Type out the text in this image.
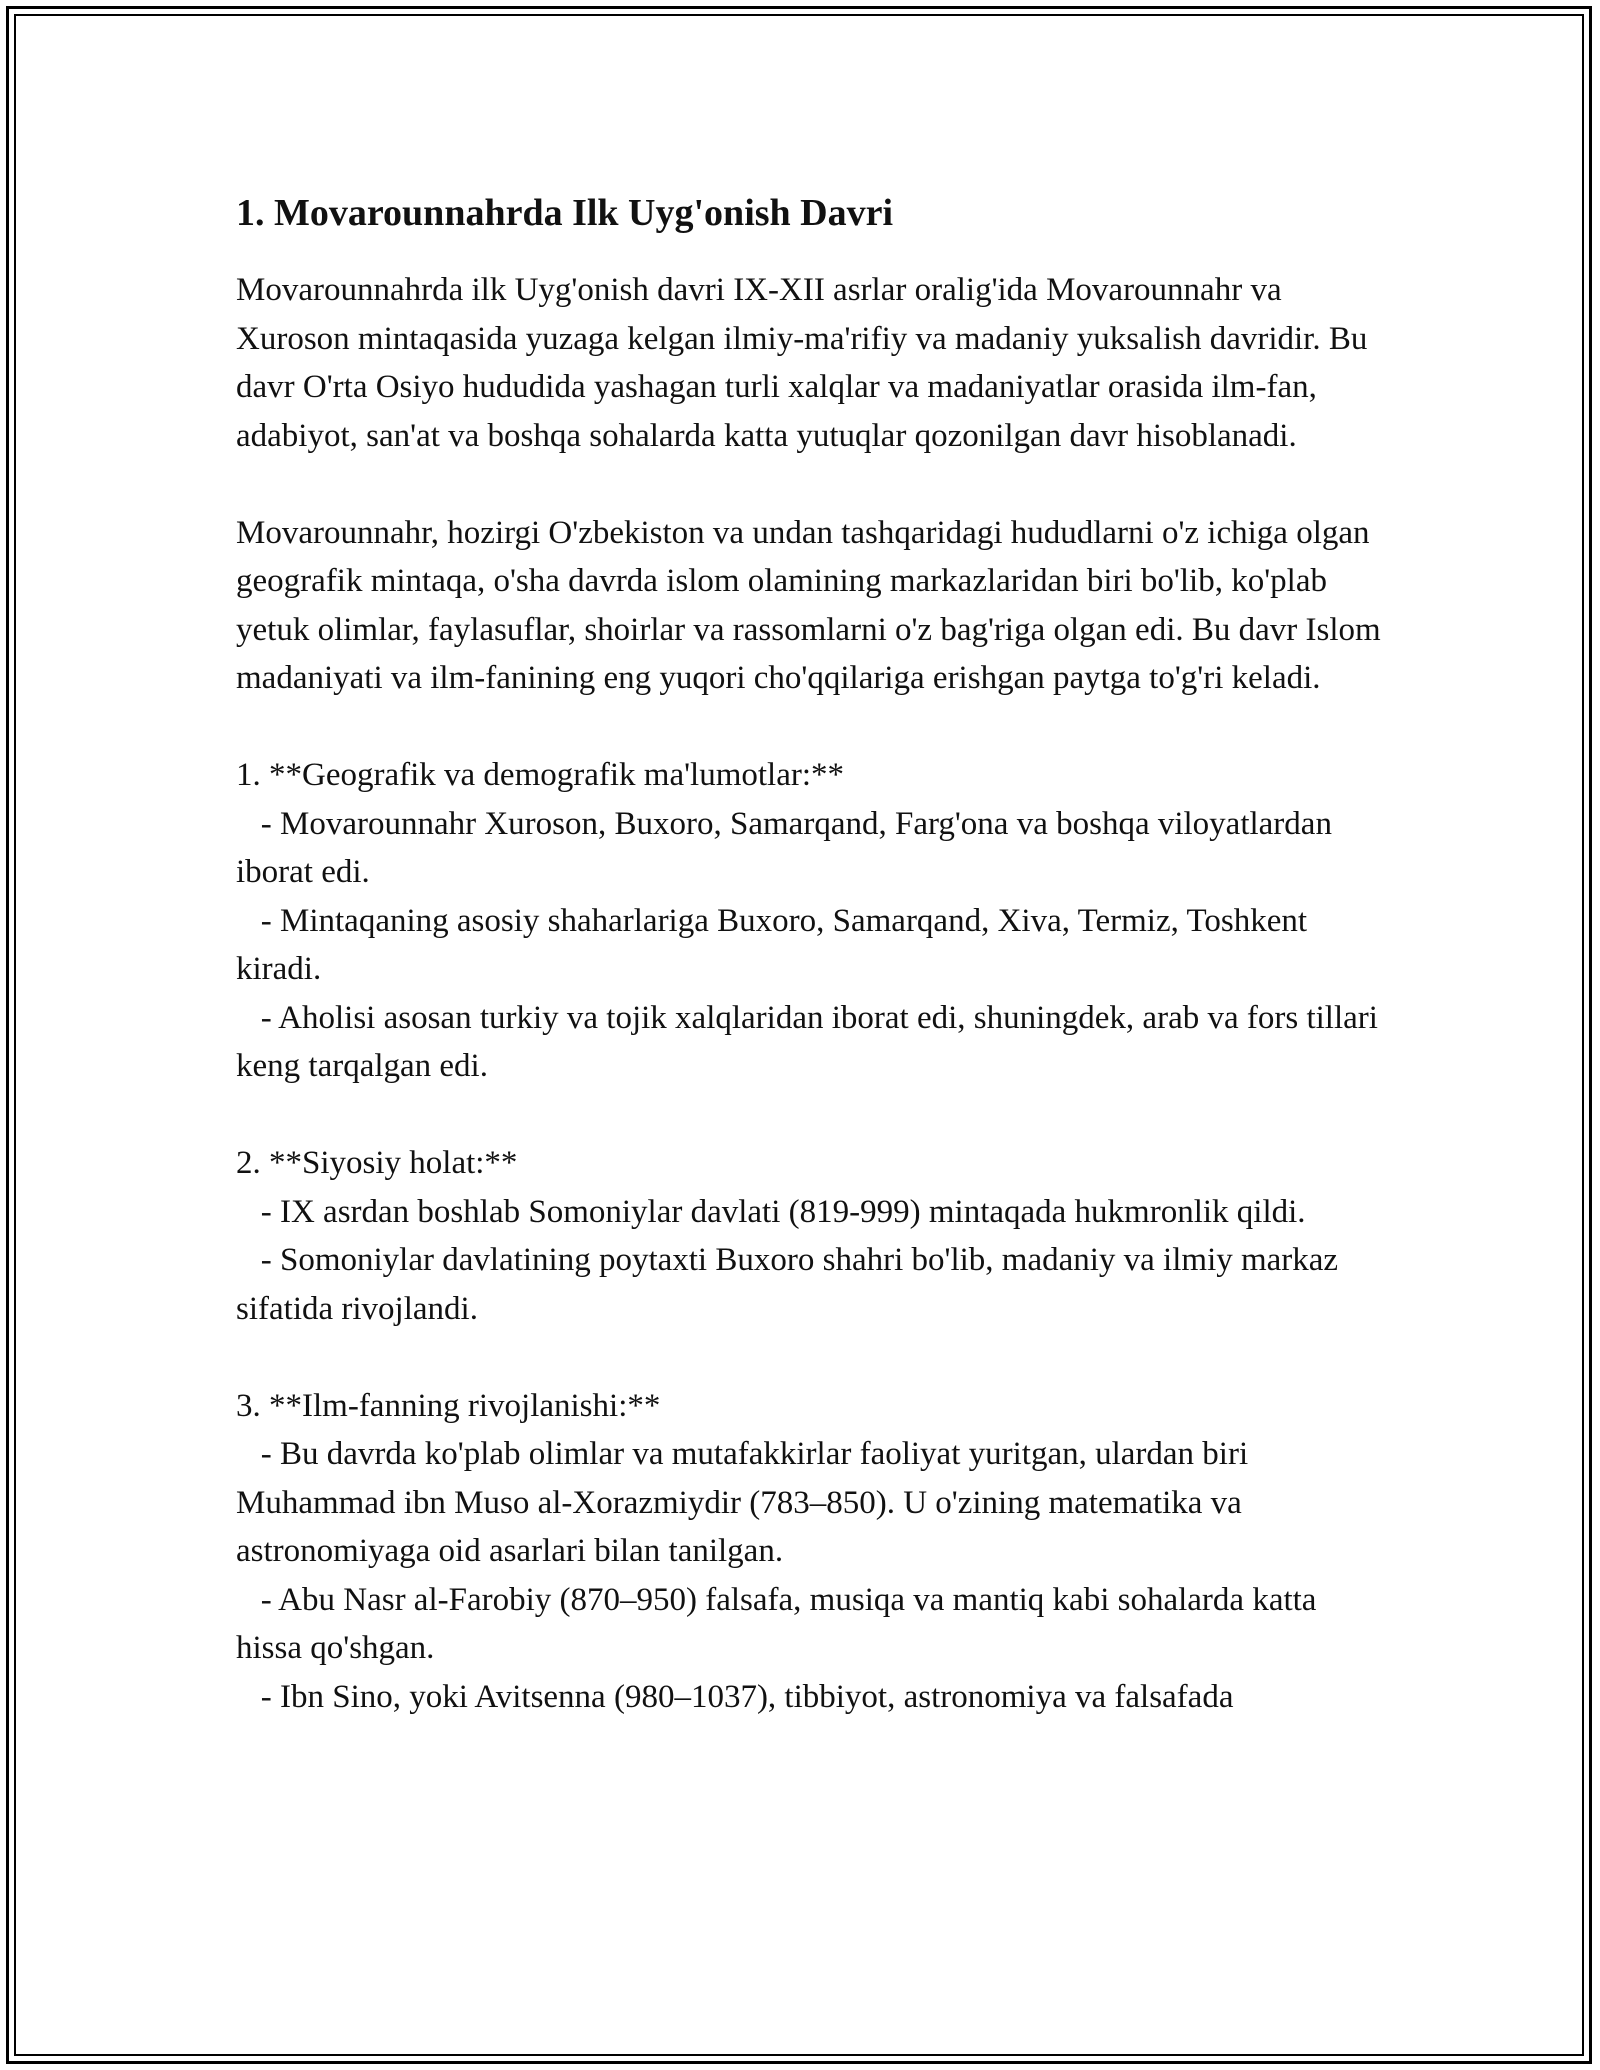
1. Movarounnahrda Ilk Uyg'onish Davri

Movarounnahrda ilk Uyg'onish davri IX-XII asrlar oralig'ida Movarounnahr va Xuroson mintaqasida yuzaga kelgan ilmiy-ma'rifiy va madaniy yuksalish davridir. Bu davr O'rta Osiyo hududida yashagan turli xalqlar va madaniyatlar orasida ilm-fan, adabiyot, san'at va boshqa sohalarda katta yutuqlar qozonilgan davr hisoblanadi.

Movarounnahr, hozirgi O'zbekiston va undan tashqaridagi hududlarni o'z ichiga olgan geografik mintaqa, o'sha davrda islom olamining markazlaridan biri bo'lib, ko'plab yetuk olimlar, faylasuflar, shoirlar va rassomlarni o'z bag'riga olgan edi. Bu davr Islom madaniyati va ilm-fanining eng yuqori cho'qqilariga erishgan paytga to'g'ri keladi.

1. **Geografik va demografik ma'lumotlar:**
- Movarounnahr Xuroson, Buxoro, Samarqand, Farg'ona va boshqa viloyatlardan iborat edi.
- Mintaqaning asosiy shaharlariga Buxoro, Samarqand, Xiva, Termiz, Toshkent kiradi.
- Aholisi asosan turkiy va tojik xalqlaridan iborat edi, shuningdek, arab va fors tillari keng tarqalgan edi.
2. **Siyosiy holat:**
- IX asrdan boshlab Somoniylar davlati (819-999) mintaqada hukmronlik qildi.
- Somoniylar davlatining poytaxti Buxoro shahri bo'lib, madaniy va ilmiy markaz sifatida rivojlandi.
3. **Ilm-fanning rivojlanishi:**
- Bu davrda ko'plab olimlar va mutafakkirlar faoliyat yuritgan, ulardan biri Muhammad ibn Muso al-Xorazmiydir (783–850). U o'zining matematika va astronomiyaga oid asarlari bilan tanilgan.
- Abu Nasr al-Farobiy (870–950) falsafa, musiqa va mantiq kabi sohalarda katta hissa qo'shgan.
- Ibn Sino, yoki Avitsenna (980–1037), tibbiyot, astronomiya va falsafada
